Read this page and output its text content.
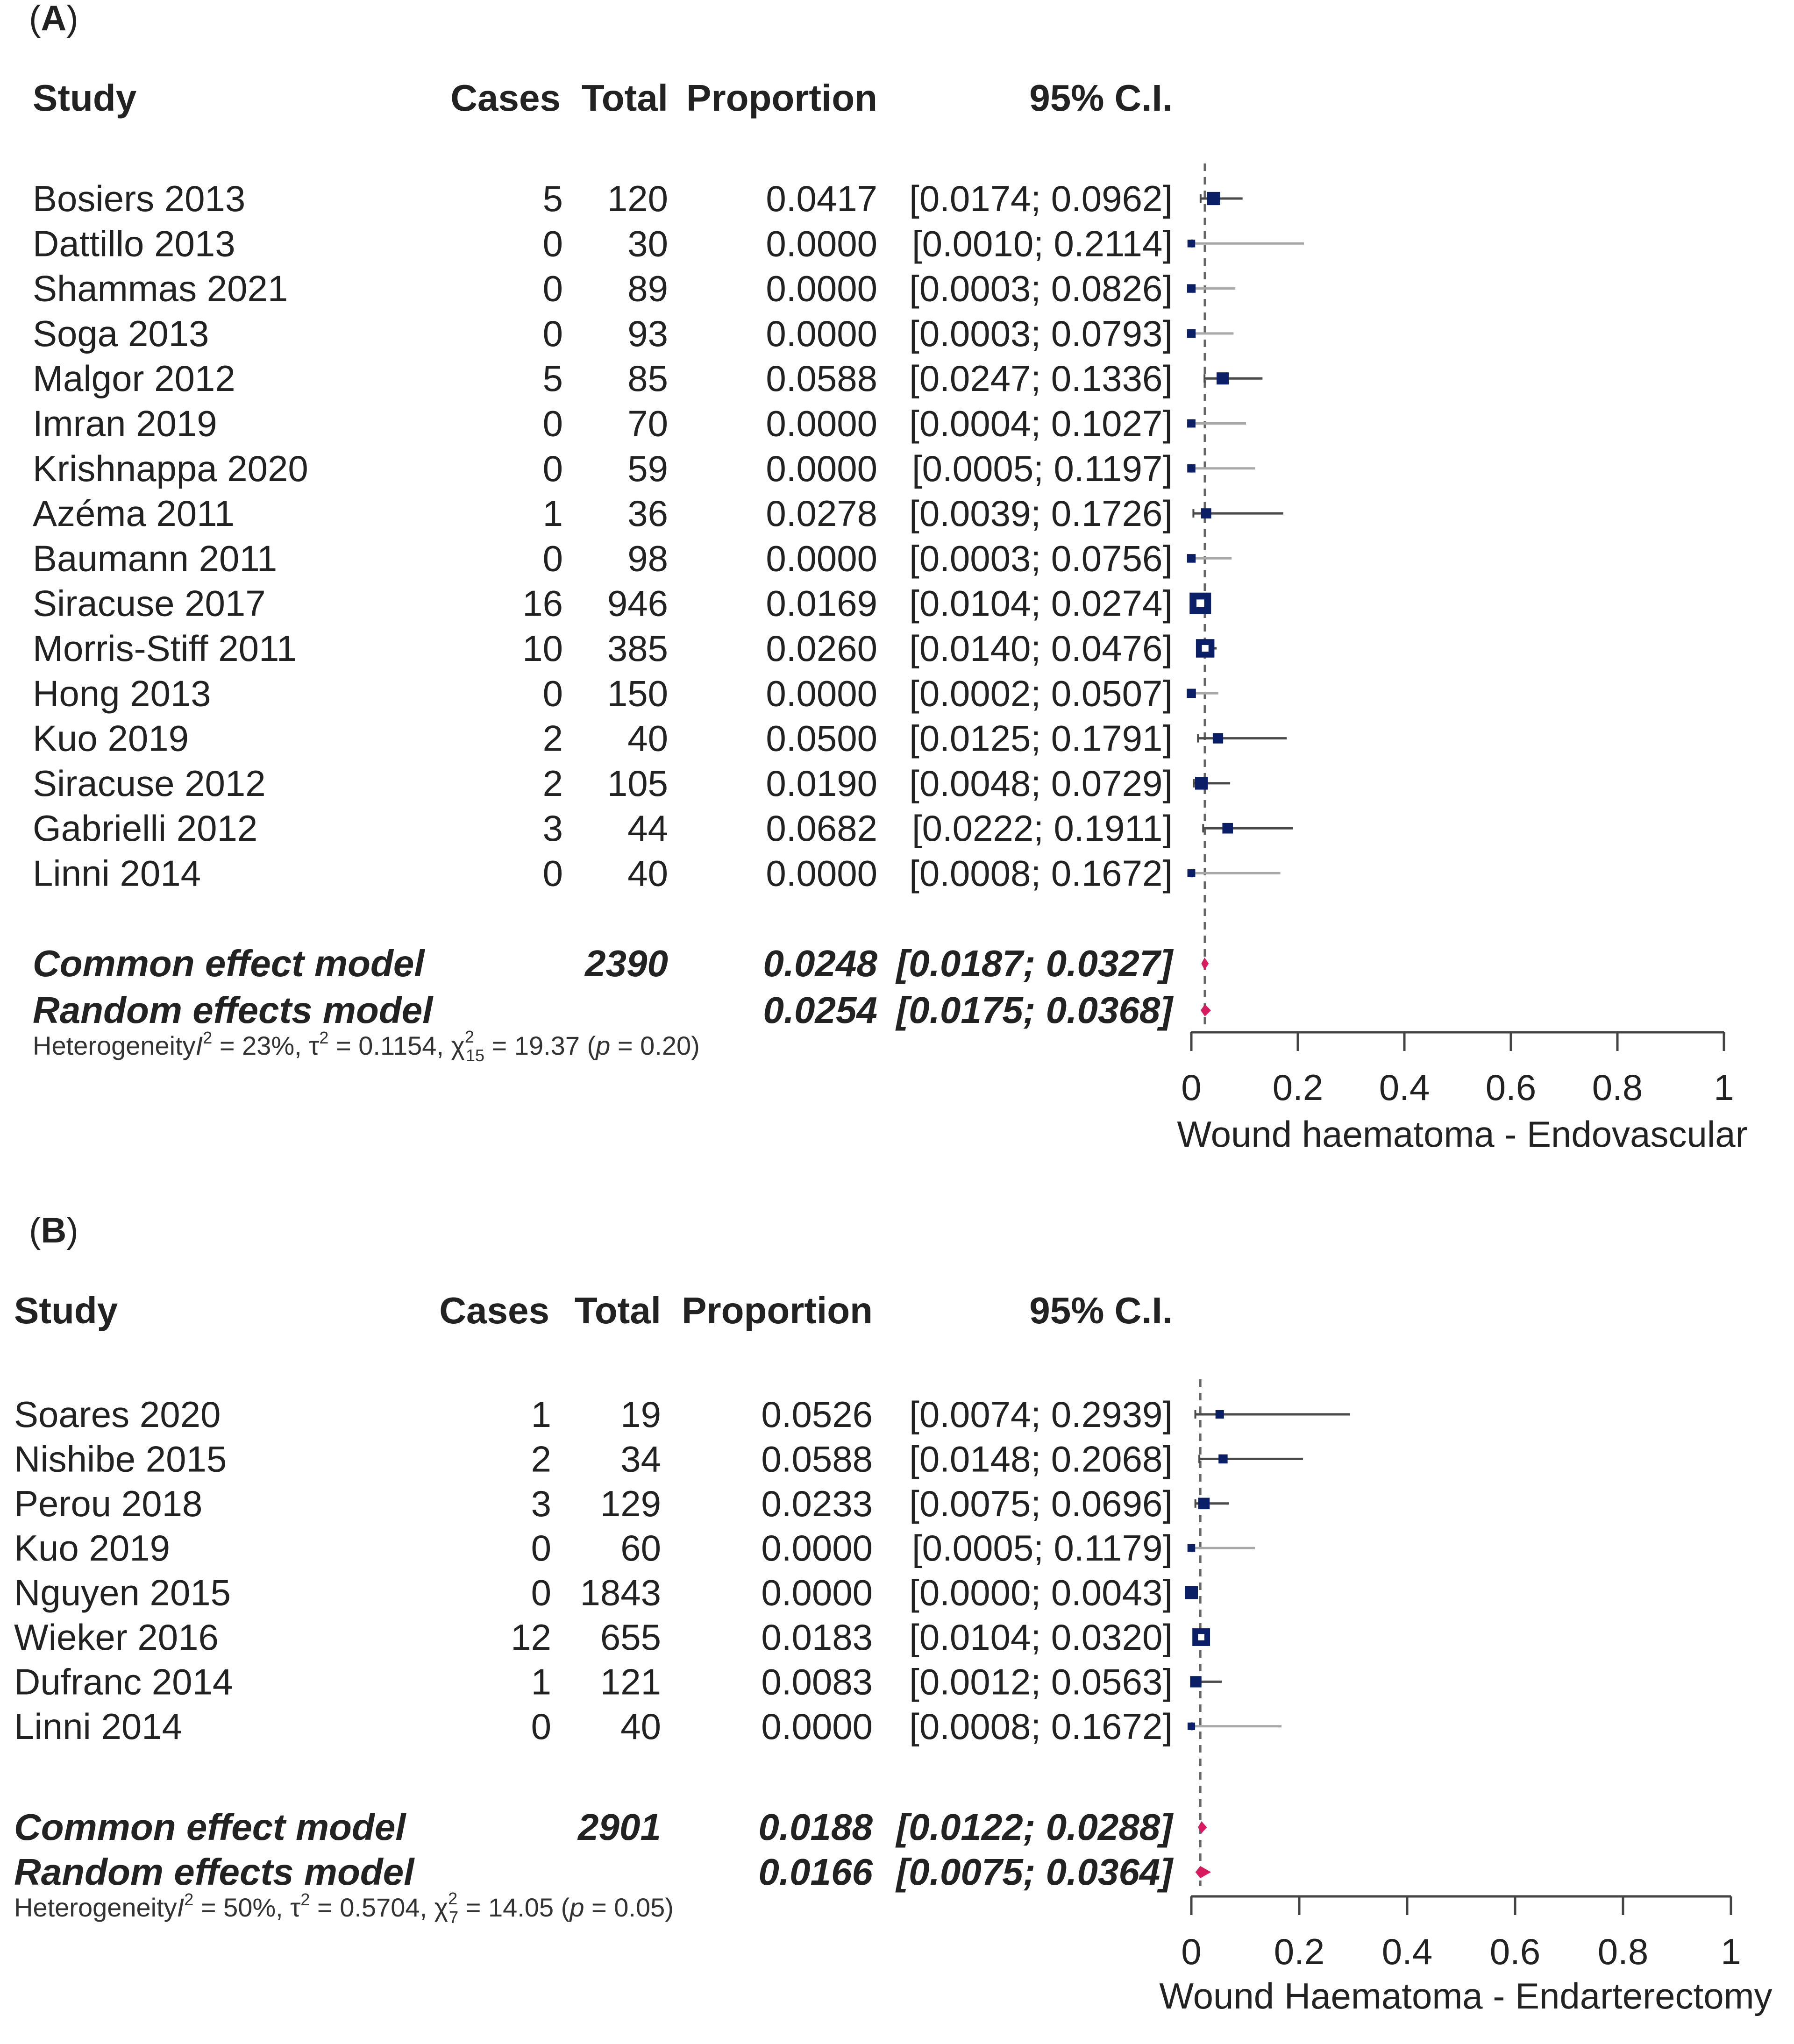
(A)
Study	Cases Total Proportion	95% C.I.
Bosiers 2013	5 120	0.0417 [0.0174; 0.0962]
Dattillo 2013	0 30	0.0000 [0.0010; 0.2114]
Shammas 2021	0 89	0.0000 [0.0003; 0.0826]
Soga 2013	0 93	0.0000 [0.0003; 0.0793]
Malgor 2012	5 85	0.0588 [0.0247; 0.1336]
Imran 2019	0 70	0.0000 [0.0004; 0.1027]
Krishnappa 2020	0 59	0.0000 [0.0005; 0.1197]
Azéma 2011	1 36	0.0278 [0.0039; 0.1726]
Baumann 2011	0 98	0.0000 [0.0003; 0.0756]
Siracuse 2017	16 946	0.0169 [0.0104; 0.0274]
Morris-Stiff 2011	10 385	0.0260 [0.0140; 0.0476]
Hong 2013	0 150	0.0000 [0.0002; 0.0507]
Kuo 2019	2 40	0.0500 [0.0125; 0.1791]
Siracuse 2012	2 105	0.0190 [0.0048; 0.0729]
Gabrielli 2012	3 44	0.0682 [0.0222; 0.1911]
Linni 2014	0 40	0.0000 [0.0008; 0.1672]
Common effect model	2390	0.0248 [0.0187; 0.0327]
Random effects model	0.0254 [0.0175; 0.0368]
HeterogeneityI$^2$ = 23%, $\tau^2 = 0.1154$, $\chi^2$ 15 = 19.37 (p = 0.20)
0 0.2 0.4 0.6 0.8 1
Wound haematoma - Endovascular
(B)
Study	Cases Total Proportion	95% C.I.
Soares 2020	1 19	0.0526 [0.0074; 0.2939]
Nishibe 2015	2 34	0.0588 [0.0148; 0.2068]
Perou 2018	3 129	0.0233 [0.0075; 0.0696]
Kuo 2019	0 60	0.0000 [0.0005; 0.1179]
Nguyen 2015	0 1843	0.0000 [0.0000; 0.0043]
Wieker 2016	12 655	0.0183 [0.0104; 0.0320]
Dufranc 2014	1 121	0.0083 [0.0012; 0.0563]
Linni 2014	0 40	0.0000 [0.0008; 0.1672]
Common effect model	2901	0.0188 [0.0122; 0.0288]
Random effects model	0.0166 [0.0075; 0.0364]
HeterogeneityI$^2$ = 50%, $\tau^2 = 0.5704$, $\chi^2$ 7 = 14.05 (p = 0.05)
0 0.2 0.4 0.6 0.8 1
Wound Haematoma - Endarterectomy
